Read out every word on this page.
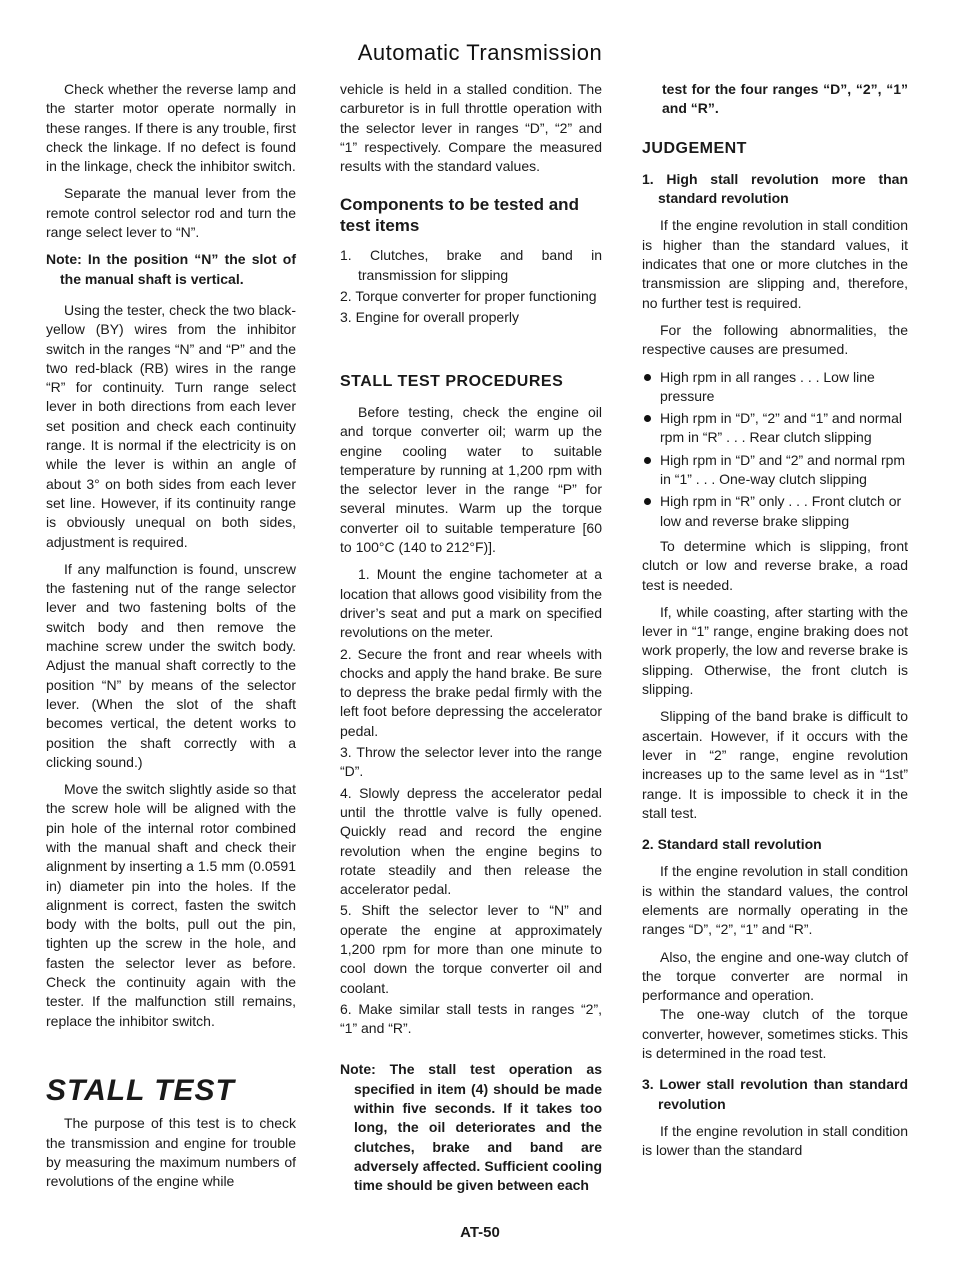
Automatic Transmission

Check whether the reverse lamp and the starter motor operate normally in these ranges. If there is any trouble, first check the linkage. If no defect is found in the linkage, check the inhibitor switch.

Separate the manual lever from the remote control selector rod and turn the range select lever to “N”.

Note: In the position “N” the slot of the manual shaft is vertical.

Using the tester, check the two black-yellow (BY) wires from the inhibitor switch in the ranges “N” and “P” and the two red-black (RB) wires in the range “R” for continuity. Turn range select lever in both directions from each lever set position and check each continuity range. It is normal if the electricity is on while the lever is within an angle of about 3° on both sides from each lever set line. However, if its continuity range is obviously unequal on both sides, adjustment is required.

If any malfunction is found, unscrew the fastening nut of the range selector lever and two fastening bolts of the switch body and then remove the machine screw under the switch body. Adjust the manual shaft correctly to the position “N” by means of the selector lever. (When the slot of the shaft becomes vertical, the detent works to position the shaft correctly with a clicking sound.)

Move the switch slightly aside so that the screw hole will be aligned with the pin hole of the internal rotor combined with the manual shaft and check their alignment by inserting a 1.5 mm (0.0591 in) diameter pin into the holes. If the alignment is correct, fasten the switch body with the bolts, pull out the pin, tighten up the screw in the hole, and fasten the selector lever as before. Check the continuity again with the tester. If the malfunction still remains, replace the inhibitor switch.

STALL TEST

The purpose of this test is to check the transmission and engine for trouble by measuring the maximum numbers of revolutions of the engine while

vehicle is held in a stalled condition. The carburetor is in full throttle operation with the selector lever in ranges “D”, “2” and “1” respectively. Compare the measured results with the standard values.

Components to be tested and test items

1. Clutches, brake and band in transmission for slipping

2. Torque converter for proper functioning

3. Engine for overall properly

STALL TEST PROCEDURES

Before testing, check the engine oil and torque converter oil; warm up the engine cooling water to suitable temperature by running at 1,200 rpm with the selector lever in the range “P” for several minutes. Warm up the torque converter oil to suitable temperature [60 to 100°C (140 to 212°F)].

1. Mount the engine tachometer at a location that allows good visibility from the driver’s seat and put a mark on specified revolutions on the meter.

2. Secure the front and rear wheels with chocks and apply the hand brake. Be sure to depress the brake pedal firmly with the left foot before depressing the accelerator pedal.

3. Throw the selector lever into the range “D”.

4. Slowly depress the accelerator pedal until the throttle valve is fully opened. Quickly read and record the engine revolution when the engine begins to rotate steadily and then release the accelerator pedal.

5. Shift the selector lever to “N” and operate the engine at approximately 1,200 rpm for more than one minute to cool down the torque converter oil and coolant.

6. Make similar stall tests in ranges “2”, “1” and “R”.

Note: The stall test operation as specified in item (4) should be made within five seconds. If it takes too long, the oil deteriorates and the clutches, brake and band are adversely affected. Sufficient cooling time should be given between each

test for the four ranges “D”, “2”, “1” and “R”.

JUDGEMENT

1. High stall revolution more than standard revolution

If the engine revolution in stall condition is higher than the standard values, it indicates that one or more clutches in the transmission are slipping and, therefore, no further test is required.

For the following abnormalities, the respective causes are presumed.

High rpm in all ranges . . . Low line pressure

High rpm in “D”, “2” and “1” and normal rpm in “R” . . . Rear clutch slipping

High rpm in “D” and “2” and normal rpm in “1” . . . One-way clutch slipping

High rpm in “R” only . . . Front clutch or low and reverse brake slipping

To determine which is slipping, front clutch or low and reverse brake, a road test is needed.

If, while coasting, after starting with the lever in “1” range, engine braking does not work properly, the low and reverse brake is slipping. Otherwise, the front clutch is slipping.

Slipping of the band brake is difficult to ascertain. However, if it occurs with the lever in “2” range, engine revolution increases up to the same level as in “1st” range. It is impossible to check it in the stall test.

2. Standard stall revolution

If the engine revolution in stall condition is within the standard values, the control elements are normally operating in the ranges “D”, “2”, “1” and “R”.

Also, the engine and one-way clutch of the torque converter are normal in performance and operation.

The one-way clutch of the torque converter, however, sometimes sticks. This is determined in the road test.

3. Lower stall revolution than standard revolution

If the engine revolution in stall condition is lower than the standard

AT-50
